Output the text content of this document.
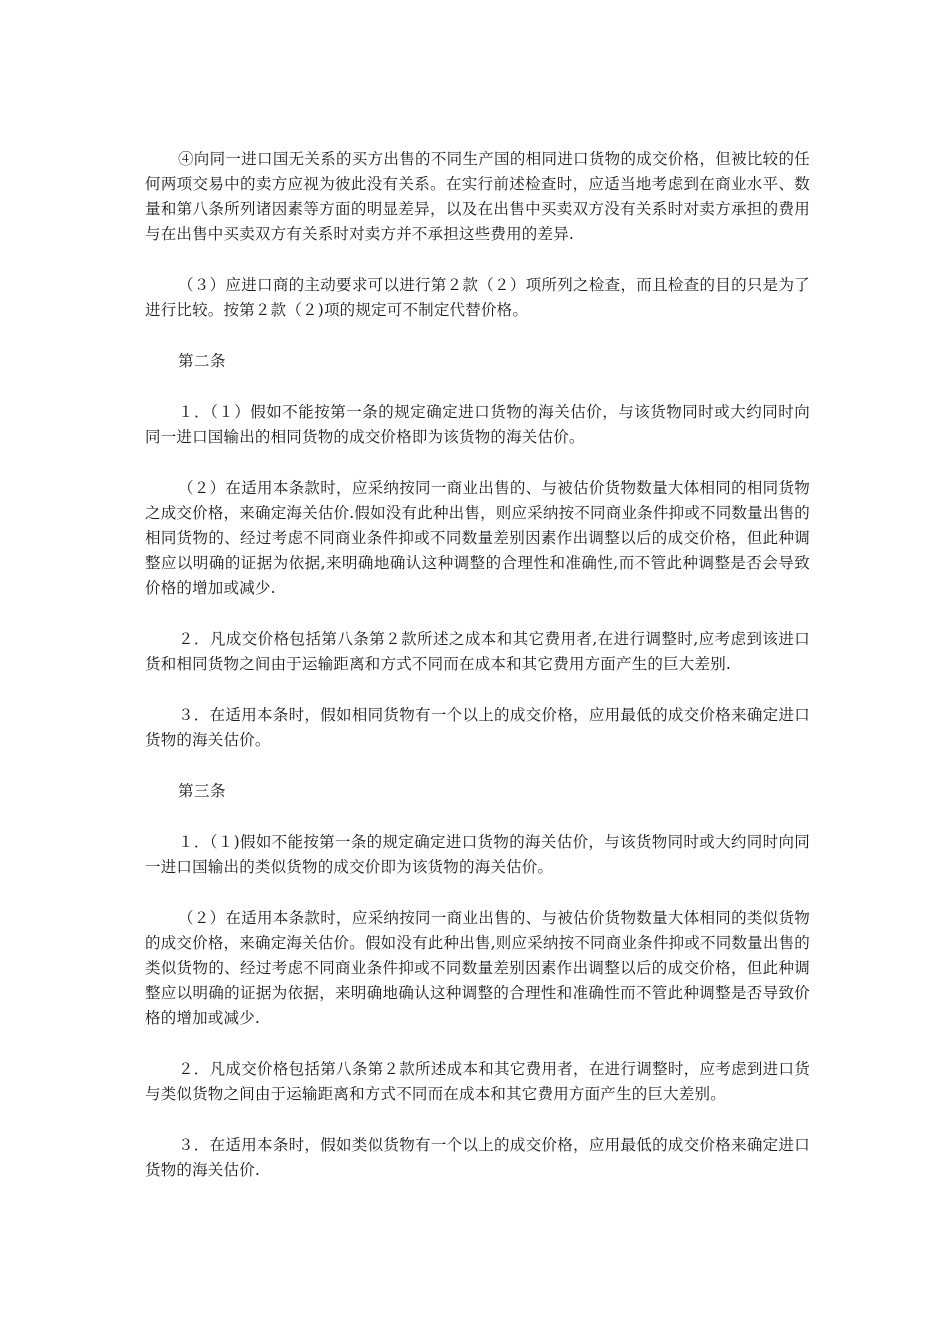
④向同一进口国无关系的买方出售的不同生产国的相同进口货物的成交价格，但被比较的任何两项交易中的卖方应视为彼此没有关系。在实行前述检查时，应适当地考虑到在商业水平、数量和第八条所列诸因素等方面的明显差异，以及在出售中买卖双方没有关系时对卖方承担的费用与在出售中买卖双方有关系时对卖方并不承担这些费用的差异.

（３）应进口商的主动要求可以进行第２款（２）项所列之检查，而且检查的目的只是为了进行比较。按第２款（２)项的规定可不制定代替价格。

第二条

１．（１）假如不能按第一条的规定确定进口货物的海关估价，与该货物同时或大约同时向同一进口国输出的相同货物的成交价格即为该货物的海关估价。

（２）在适用本条款时，应采纳按同一商业出售的、与被估价货物数量大体相同的相同货物之成交价格，来确定海关估价.假如没有此种出售，则应采纳按不同商业条件抑或不同数量出售的相同货物的、经过考虑不同商业条件抑或不同数量差别因素作出调整以后的成交价格，但此种调整应以明确的证据为依据,来明确地确认这种调整的合理性和准确性,而不管此种调整是否会导致价格的增加或减少.

２．凡成交价格包括第八条第２款所述之成本和其它费用者,在进行调整时,应考虑到该进口货和相同货物之间由于运输距离和方式不同而在成本和其它费用方面产生的巨大差别.

３．在适用本条时，假如相同货物有一个以上的成交价格，应用最低的成交价格来确定进口货物的海关估价。

第三条

１．（１)假如不能按第一条的规定确定进口货物的海关估价，与该货物同时或大约同时向同一进口国输出的类似货物的成交价即为该货物的海关估价。

（２）在适用本条款时，应采纳按同一商业出售的、与被估价货物数量大体相同的类似货物的成交价格，来确定海关估价。假如没有此种出售,则应采纳按不同商业条件抑或不同数量出售的类似货物的、经过考虑不同商业条件抑或不同数量差别因素作出调整以后的成交价格，但此种调整应以明确的证据为依据，来明确地确认这种调整的合理性和准确性而不管此种调整是否导致价格的增加或减少.

２．凡成交价格包括第八条第２款所述成本和其它费用者，在进行调整时，应考虑到进口货与类似货物之间由于运输距离和方式不同而在成本和其它费用方面产生的巨大差别。

３．在适用本条时，假如类似货物有一个以上的成交价格，应用最低的成交价格来确定进口货物的海关估价.
